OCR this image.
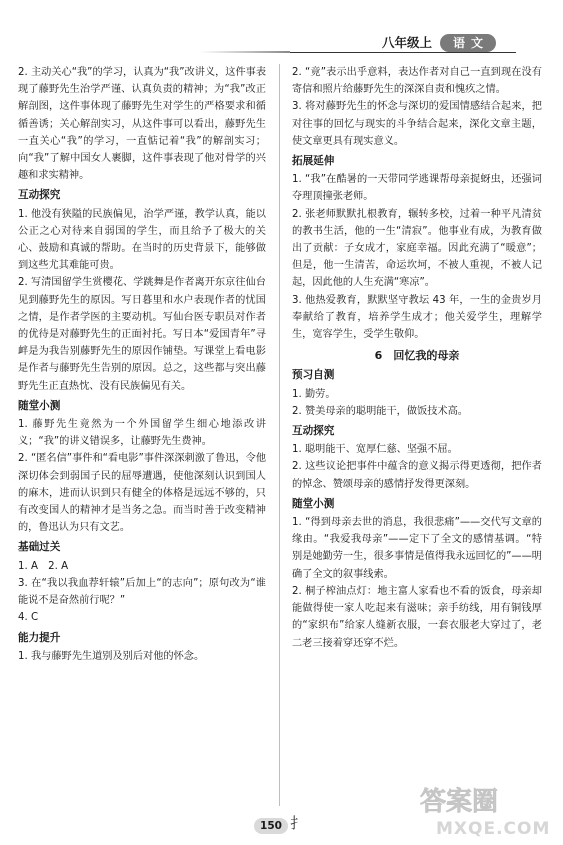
八年级上	语文

2. 主动关心“我”的学习，认真为“我”改讲义，这件事表现了藤野先生治学严谨、认真负责的精神；为“我”改正解剖图，这件事体现了藤野先生对学生的严格要求和循循善诱；关心解剖实习，从这件事可以看出，藤野先生一直关心“我”的学习，一直惦记着“我”的解剖实习；向“我”了解中国女人裹脚，这件事表现了他对骨学的兴趣和求实精神。

互动探究

1. 他没有狭隘的民族偏见，治学严谨，教学认真，能以公正之心对待来自弱国的学生，而且给予了极大的关心、鼓励和真诚的帮助。在当时的历史背景下，能够做到这些尤其难能可贵。

2. 写清国留学生赏樱花、学跳舞是作者离开东京往仙台见到藤野先生的原因。写日暮里和水户表现作者的忧国之情，是作者学医的主要动机。写仙台医专职员对作者的优待是对藤野先生的正面衬托。写日本“爱国青年”寻衅是为我告别藤野先生的原因作铺垫。写课堂上看电影是作者与藤野先生告别的原因。总之，这些都与突出藤野先生正直热忱、没有民族偏见有关。

随堂小测

1. 藤野先生竟然为一个外国留学生细心地添改讲义；“我”的讲义错误多，让藤野先生费神。

2. “匿名信”事件和“看电影”事件深深刺激了鲁迅，令他深切体会到弱国子民的屈辱遭遇，使他深刻认识到国人的麻木，进而认识到只有健全的体格是远远不够的，只有改变国人的精神才是当务之急。而当时善于改变精神的，鲁迅认为只有文艺。

基础过关

1. A　2. A

3. 在“我以我血荐轩辕”后加上“的志向”；原句改为“谁能说不是奋然前行呢？”

4. C

能力提升

1. 我与藤野先生道别及别后对他的怀念。

2. “竟”表示出乎意料，表达作者对自己一直到现在没有寄信和照片给藤野先生的深深自责和愧疚之情。

3. 将对藤野先生的怀念与深切的爱国情感结合起来，把对往事的回忆与现实的斗争结合起来，深化文章主题，使文章更具有现实意义。

拓展延伸

1. “我”在酷暑的一天带同学逃课帮母亲捉蚜虫，还强词夺理顶撞张老师。

2. 张老师默默扎根教育，辗转多校，过着一种平凡清贫的教书生活，他的一生“清寂”。他事业有成，为教育做出了贡献：子女成才，家庭幸福。因此充满了“暖意”；但是，他一生清苦，命运坎坷，不被人重视，不被人记起，因此他的人生充满“寒凉”。

3. 他热爱教育，默默坚守教坛 43 年，一生的金贵岁月奉献给了教育，培养学生成才；他关爱学生，理解学生，宽容学生，受学生敬仰。

6　回忆我的母亲

预习自测

1. 勤劳。

2. 赞美母亲的聪明能干，做饭技术高。

互动探究

1. 聪明能干、宽厚仁慈、坚强不屈。

2. 这些议论把事件中蕴含的意义揭示得更透彻，把作者的悼念、赞颂母亲的感情抒发得更深刻。

随堂小测

1. “得到母亲去世的消息，我很悲痛”——交代写文章的缘由。“我爱我母亲”——定下了全文的感情基调。“特别是她勤劳一生，很多事情是值得我永远回忆的”——明确了全文的叙事线索。

2. 桐子榨油点灯：地主富人家看也不看的饭食，母亲却能做得使一家人吃起来有滋味；亲手纺线，用有铜钱厚的“家织布”给家人缝新衣服，一套衣服老大穿过了，老二老三接着穿还穿不烂。

150 ⺘
答案圈
MXQE.COM
